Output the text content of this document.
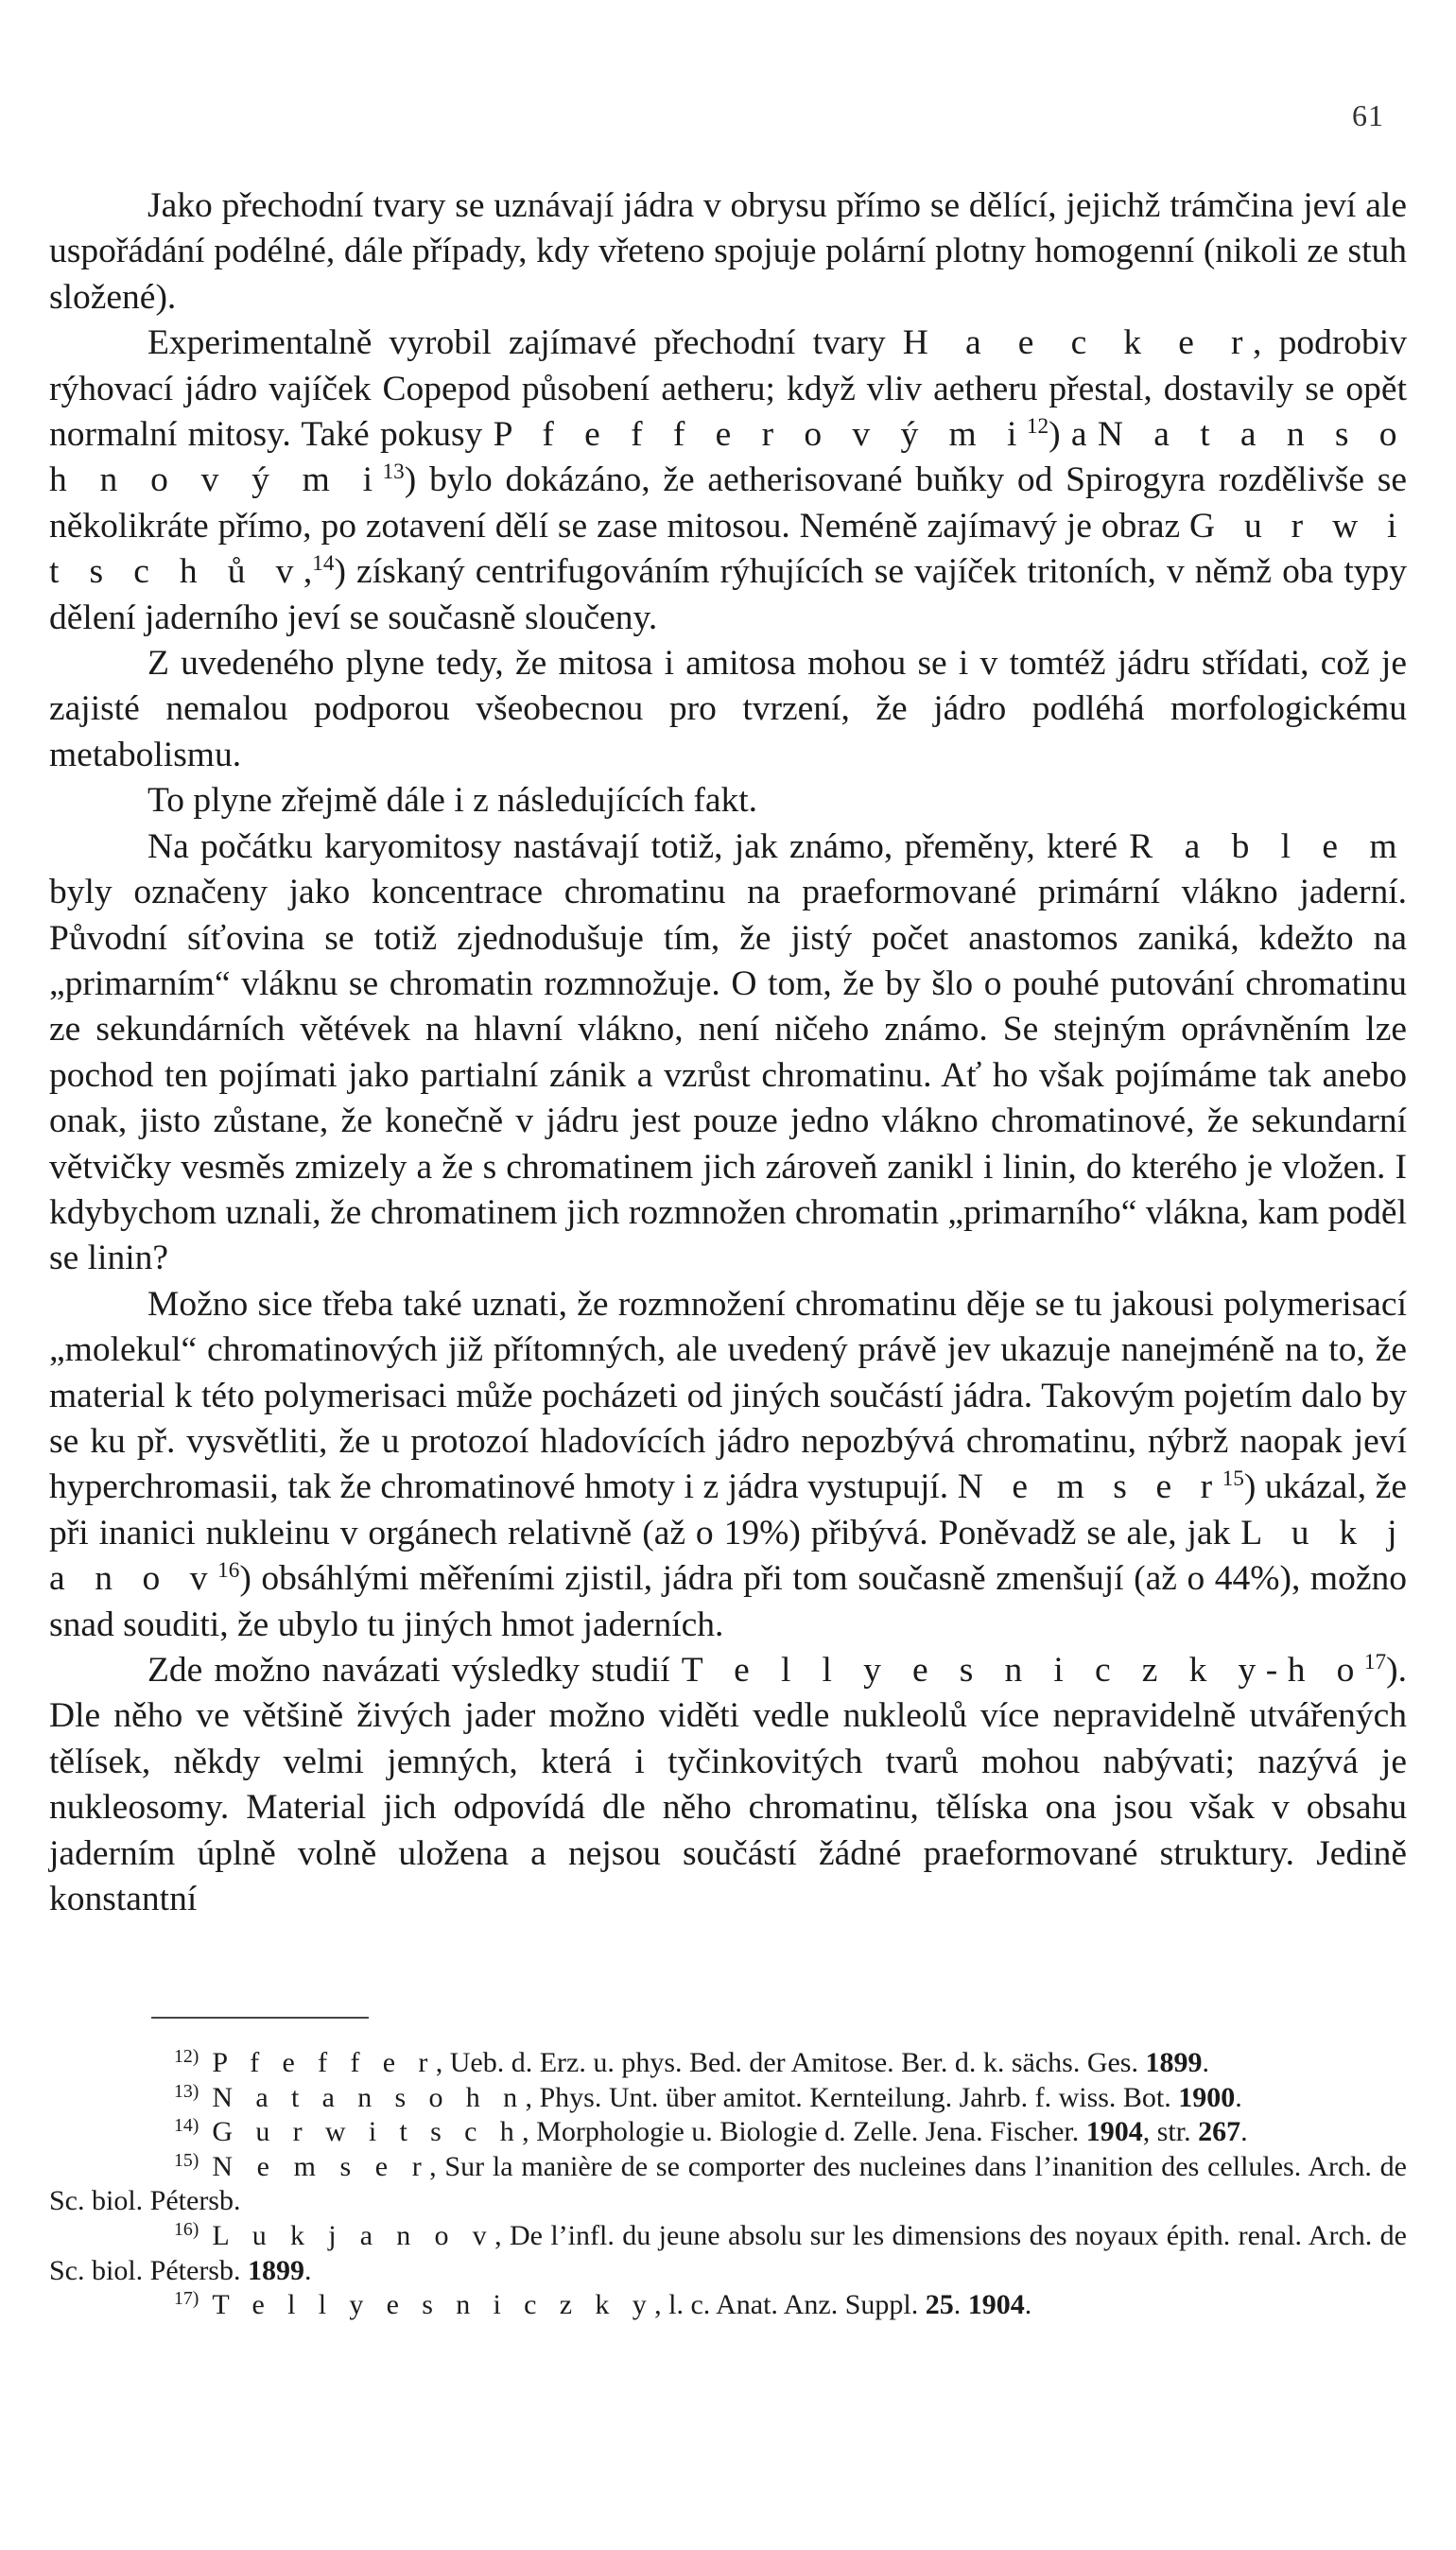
61

Jako přechodní tvary se uznávají jádra v obrysu přímo se dělící, jejichž trámčina jeví ale uspořádání podélné, dále případy, kdy vřeteno spojuje polární plotny homogenní (nikoli ze stuh složené).

Experimentalně vyrobil zajímavé přechodní tvary H a e c k e r, podrobiv rýhovací jádro vajíček Copepod působení aetheru; když vliv aetheru přestal, dostavily se opět normalní mitosy. Také pokusy P f e f f e r o v ý m $i^{12}$) a N a t a n s o h n o v ý m $i^{13}$) bylo dokázáno, že aetherisované buňky od Spirogyra rozdělivše se několikráte přímo, po zotavení dělí se zase mitosou. Neméně zajímavý je obraz G u r w i t s c h ů v,$^{14}$) získaný centrifugováním rýhujících se vajíček tritoních, v němž oba typy dělení jaderního jeví se současně sloučeny.

Z uvedeného plyne tedy, že mitosa i amitosa mohou se i v tomtéž jádru střídati, což je zajisté nemalou podporou všeobecnou pro tvrzení, že jádro podléhá morfologickému metabolismu.

To plyne zřejmě dále i z následujících fakt.

Na počátku karyomitosy nastávají totiž, jak známo, přeměny, které R a b l e m byly označeny jako koncentrace chromatinu na praeformované primární vlákno jaderní. Původní síťovina se totiž zjednodušuje tím, že jistý počet anastomos zaniká, kdežto na „primarním“ vláknu se chromatin rozmnožuje. O tom, že by šlo o pouhé putování chromatinu ze sekundárních větévek na hlavní vlákno, není ničeho známo. Se stejným oprávněním lze pochod ten pojímati jako partialní zánik a vzrůst chromatinu. Ať ho však pojímáme tak anebo onak, jisto zůstane, že konečně v jádru jest pouze jedno vlákno chromatinové, že sekundarní větvičky vesměs zmizely a že s chromatinem jich zároveň zanikl i linin, do kterého je vložen. I kdybychom uznali, že chromatinem jich rozmnožen chromatin „primarního“ vlákna, kam poděl se linin?

Možno sice třeba také uznati, že rozmnožení chromatinu děje se tu jakousi polymerisací „molekul“ chromatinových již přítomných, ale uvedený právě jev ukazuje nanejméně na to, že material k této polymerisaci může pocházeti od jiných součástí jádra. Takovým pojetím dalo by se ku př. vysvětliti, že u protozoí hladovících jádro nepozbývá chromatinu, nýbrž naopak jeví hyperchromasii, tak že chromatinové hmoty i z jádra vystupují. N e m s e $r^{15}$) ukázal, že při inanici nukleinu v orgánech relativně (až o 19%) přibývá. Poněvadž se ale, jak L u k j a n o $v^{16}$) obsáhlými měřeními zjistil, jádra při tom současně zmenšují (až o 44%), možno snad souditi, že ubylo tu jiných hmot jaderních.

Zde možno navázati výsledky studií T e l l y e s n i c z k y-h $o^{17}$). Dle něho ve většině živých jader možno viděti vedle nukleolů více nepravidelně utvářených tělísek, někdy velmi jemných, která i tyčinkovitých tvarů mohou nabývati; nazývá je nukleosomy. Material jich odpovídá dle něho chromatinu, tělíska ona jsou však v obsahu jaderním úplně volně uložena a nejsou součástí žádné praeformované struktury. Jedině konstantní

$^{12)}$ P f e f f e r, Ueb. d. Erz. u. phys. Bed. der Amitose. Ber. d. k. sächs. Ges. 1899.

$^{13)}$ N a t a n s o h n, Phys. Unt. über amitot. Kernteilung. Jahrb. f. wiss. Bot. 1900.

$^{14)}$ G u r w i t s c h, Morphologie u. Biologie d. Zelle. Jena. Fischer. 1904, str. 267.

$^{15)}$ N e m s e r, Sur la manière de se comporter des nucleines dans l’inanition des cellules. Arch. de Sc. biol. Pétersb.

$^{16)}$ L u k j a n o v, De l’infl. du jeune absolu sur les dimensions des noyaux épith. renal. Arch. de Sc. biol. Pétersb. 1899.

$^{17)}$ T e l l y e s n i c z k y, l. c. Anat. Anz. Suppl. 25. 1904.
